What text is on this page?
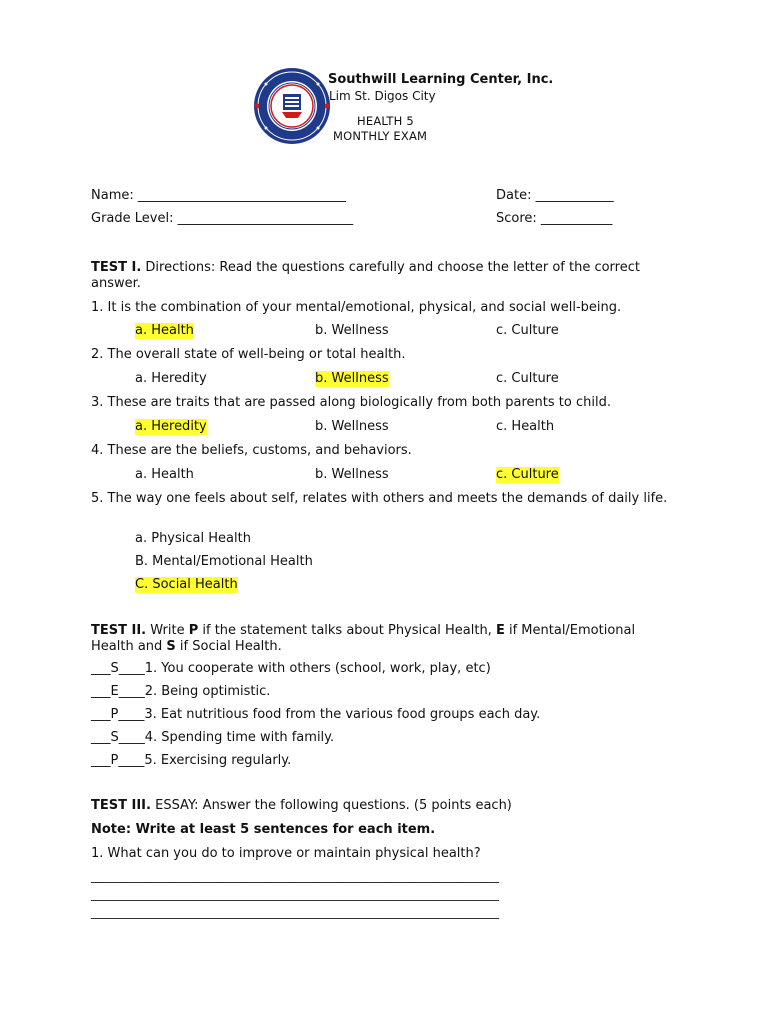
Southwill Learning Center, Inc.
Lim St. Digos City
HEALTH 5
MONTHLY EXAM
Name: ________________________________	Date: ____________
Grade Level: ___________________________	Score: ___________
TEST I. Directions: Read the questions carefully and choose the letter of the correct answer.
1. It is the combination of your mental/emotional, physical, and social well-being.
a. Health	b. Wellness	c. Culture
2. The overall state of well-being or total health.
a. Heredity	b. Wellness	c. Culture
3. These are traits that are passed along biologically from both parents to child.
a. Heredity	b. Wellness	c. Health
4. These are the beliefs, customs, and behaviors.
a. Health	b. Wellness	c. Culture
5. The way one feels about self, relates with others and meets the demands of daily life.
a. Physical Health
B. Mental/Emotional Health
C. Social Health
TEST II. Write P if the statement talks about Physical Health, E if Mental/Emotional Health and S if Social Health.
___S____1. You cooperate with others (school, work, play, etc)
___E____2. Being optimistic.
___P____3. Eat nutritious food from the various food groups each day.
___S____4. Spending time with family.
___P____5. Exercising regularly.
TEST III. ESSAY: Answer the following questions. (5 points each)
Note: Write at least 5 sentences for each item.
1. What can you do to improve or maintain physical health?
____________________________________________________________________
____________________________________________________________________
____________________________________________________________________
